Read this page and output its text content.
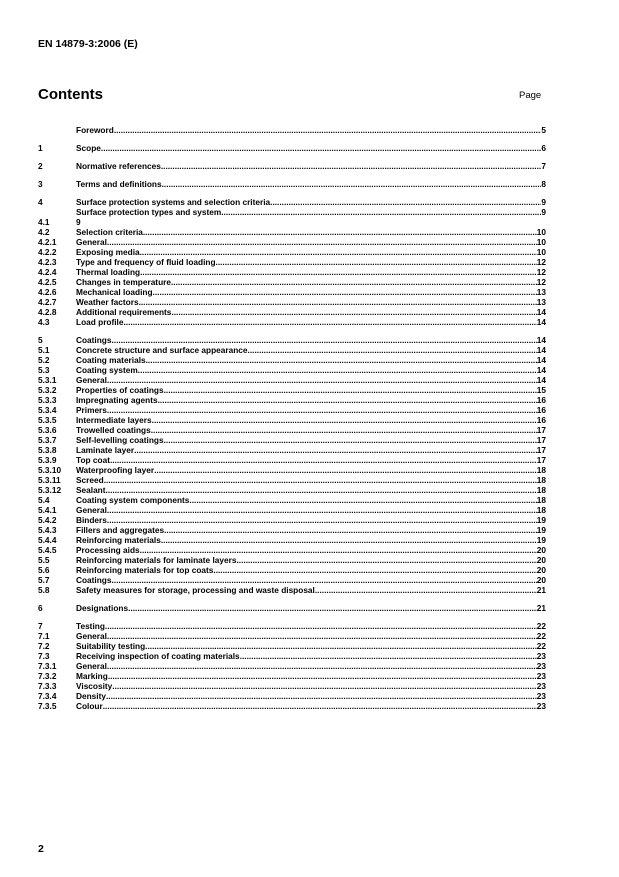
EN 14879-3:2006 (E)
Contents	Page
Foreword .....	5
1	Scope .....	6
2	Normative references .....	7
3	Terms and definitions .....	8
4	Surface protection systems and selection criteria .....	9
Surface protection types and system .....	9
4.1	9
4.2	Selection criteria .....	10
4.2.1	General .....	10
4.2.2	Exposing media .....	10
4.2.3	Type and frequency of fluid loading .....	12
4.2.4	Thermal loading .....	12
4.2.5	Changes in temperature .....	12
4.2.6	Mechanical loading .....	13
4.2.7	Weather factors .....	13
4.2.8	Additional requirements .....	14
4.3	Load profile .....	14
5	Coatings .....	14
5.1	Concrete structure and surface appearance .....	14
5.2	Coating materials .....	14
5.3	Coating system .....	14
5.3.1	General .....	14
5.3.2	Properties of coatings .....	15
5.3.3	Impregnating agents .....	16
5.3.4	Primers .....	16
5.3.5	Intermediate layers .....	16
5.3.6	Trowelled coatings .....	17
5.3.7	Self-levelling coatings .....	17
5.3.8	Laminate layer .....	17
5.3.9	Top coat .....	17
5.3.10	Waterproofing layer .....	18
5.3.11	Screed .....	18
5.3.12	Sealant .....	18
5.4	Coating system components .....	18
5.4.1	General .....	18
5.4.2	Binders .....	19
5.4.3	Fillers and aggregates .....	19
5.4.4	Reinforcing materials .....	19
5.4.5	Processing aids .....	20
5.5	Reinforcing materials for laminate layers .....	20
5.6	Reinforcing materials for top coats .....	20
5.7	Coatings .....	20
5.8	Safety measures for storage, processing and waste disposal .....	21
6	Designations .....	21
7	Testing .....	22
7.1	General .....	22
7.2	Suitability testing .....	22
7.3	Receiving inspection of coating materials .....	23
7.3.1	General .....	23
7.3.2	Marking .....	23
7.3.3	Viscosity .....	23
7.3.4	Density .....	23
7.3.5	Colour .....	23
2
